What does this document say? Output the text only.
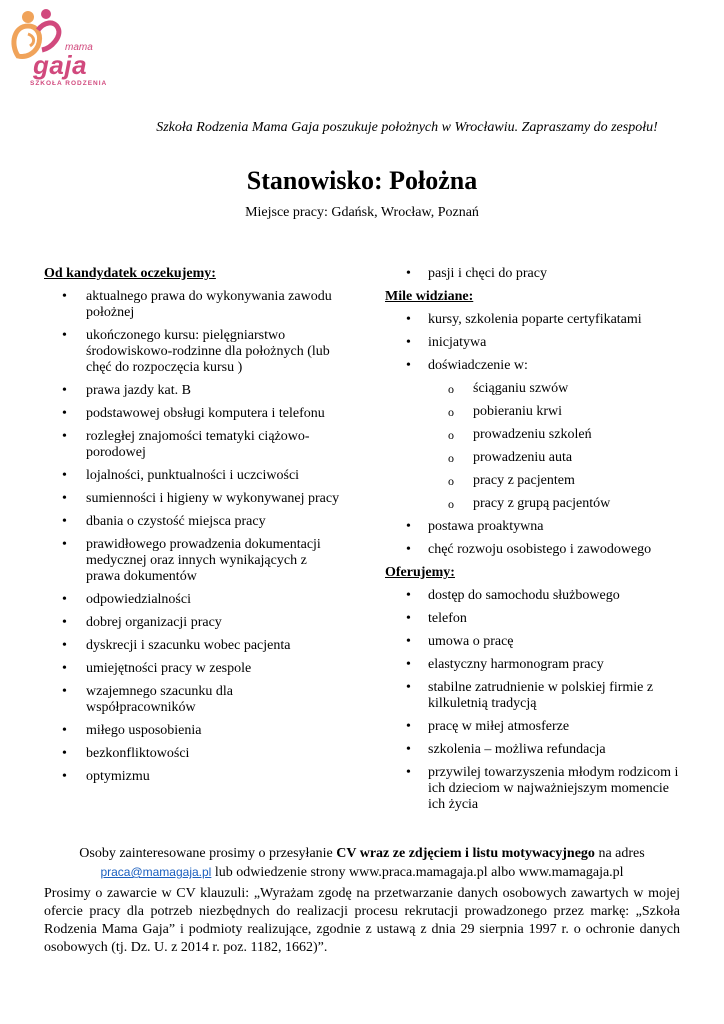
mama
gaja
SZKOŁA RODZENIA
Szkoła Rodzenia Mama Gaja poszukuje położnych w Wrocławiu. Zapraszamy do zespołu!
Stanowisko: Położna
Miejsce pracy: Gdańsk, Wrocław, Poznań
Od kandydatek oczekujemy:
• aktualnego prawa do wykonywania zawodu położnej
• ukończonego kursu: pielęgniarstwo środowiskowo-rodzinne dla położnych (lub chęć do rozpoczęcia kursu )
• prawa jazdy kat. B
• podstawowej obsługi komputera i telefonu
• rozległej znajomości tematyki ciążowo-porodowej
• lojalności, punktualności i uczciwości
• sumienności i higieny w wykonywanej pracy
• dbania o czystość miejsca pracy
• prawidłowego prowadzenia dokumentacji medycznej oraz innych wynikających z prawa dokumentów
• odpowiedzialności
• dobrej organizacji pracy
• dyskrecji i szacunku wobec pacjenta
• umiejętności pracy w zespole
• wzajemnego szacunku dla współpracowników
• miłego usposobienia
• bezkonfliktowości
• optymizmu
• pasji i chęci do pracy
Mile widziane:
• kursy, szkolenia poparte certyfikatami
• inicjatywa
• doświadczenie w:
o ściąganiu szwów
o pobieraniu krwi
o prowadzeniu szkoleń
o prowadzeniu auta
o pracy z pacjentem
o pracy z grupą pacjentów
• postawa proaktywna
• chęć rozwoju osobistego i zawodowego
Oferujemy:
• dostęp do samochodu służbowego
• telefon
• umowa o pracę
• elastyczny harmonogram pracy
• stabilne zatrudnienie w polskiej firmie z kilkuletnią tradycją
• pracę w miłej atmosferze
• szkolenia – możliwa refundacja
• przywilej towarzyszenia młodym rodzicom i ich dzieciom w najważniejszym momencie ich życia
Osoby zainteresowane prosimy o przesyłanie CV wraz ze zdjęciem i listu motywacyjnego na adres
praca@mamagaja.pl lub odwiedzenie strony www.praca.mamagaja.pl albo www.mamagaja.pl
Prosimy o zawarcie w CV klauzuli: „Wyrażam zgodę na przetwarzanie danych osobowych zawartych w mojej ofercie pracy dla potrzeb niezbędnych do realizacji procesu rekrutacji prowadzonego przez markę: „Szkoła Rodzenia Mama Gaja” i podmioty realizujące, zgodnie z ustawą z dnia 29 sierpnia 1997 r. o ochronie danych osobowych (tj. Dz. U. z 2014 r. poz. 1182, 1662)”.
